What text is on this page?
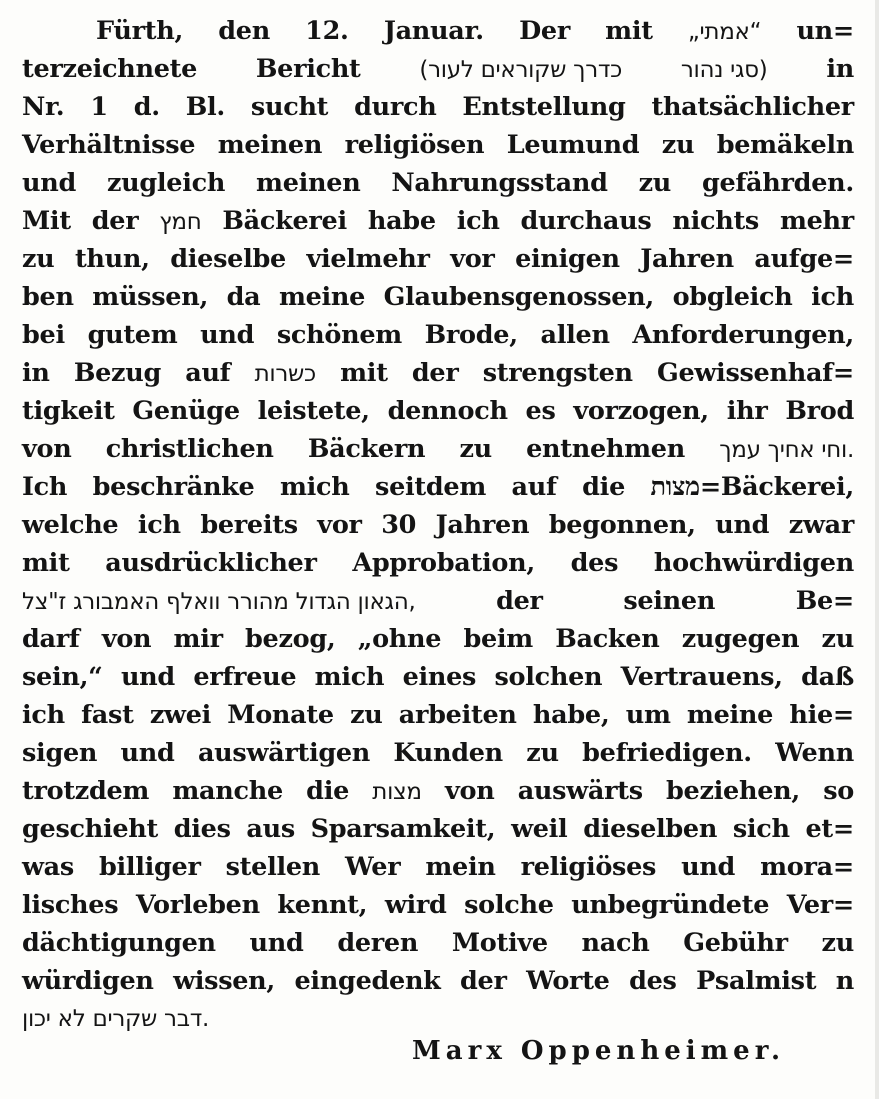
Fürth, den 12. Januar. Der mit „אמתי“ un=
terzeichnete Bericht	(כדרך שקוראים לעור	סגי נהור) in
Nr. 1 d. Bl. sucht durch Entstellung thatsächlicher
Verhältnisse meinen religiösen Leumund zu bemäkeln
und zugleich meinen Nahrungsstand zu gefährden.
Mit der חמץ Bäckerei habe ich durchaus nichts mehr
zu thun, dieselbe vielmehr vor einigen Jahren aufge=
ben müssen, da meine Glaubensgenossen, obgleich ich
bei gutem und schönem Brode, allen Anforderungen,
in Bezug auf כשרות mit der strengsten Gewissenhaf=
tigkeit Genüge leistete, dennoch es vorzogen, ihr Brod
von christlichen Bäckern zu entnehmen וחי אחיך עמך.
Ich beschränke mich seitdem auf die מצות=Bäckerei,
welche ich bereits vor 30 Jahren begonnen, und zwar
mit ausdrücklicher Approbation, des hochwürdigen
הגאון הגדול מהורר וואלף האמבורג ז"צל,	der	seinen	Be=
darf von mir bezog, „ohne beim Backen zugegen zu
sein,“ und erfreue mich eines solchen Vertrauens, daß
ich fast zwei Monate zu arbeiten habe, um meine hie=
sigen und auswärtigen Kunden zu befriedigen. Wenn
trotzdem manche die מצות von auswärts beziehen, so
geschieht dies aus Sparsamkeit, weil dieselben sich et=
was billiger stellen Wer mein religiöses und mora=
lisches Vorleben kennt, wird solche unbegründete Ver=
dächtigungen und deren Motive nach Gebühr zu
würdigen wissen, eingedenk der Worte des Psalmist n
דבר שקרים לא יכון.
Marx Oppenheimer.
